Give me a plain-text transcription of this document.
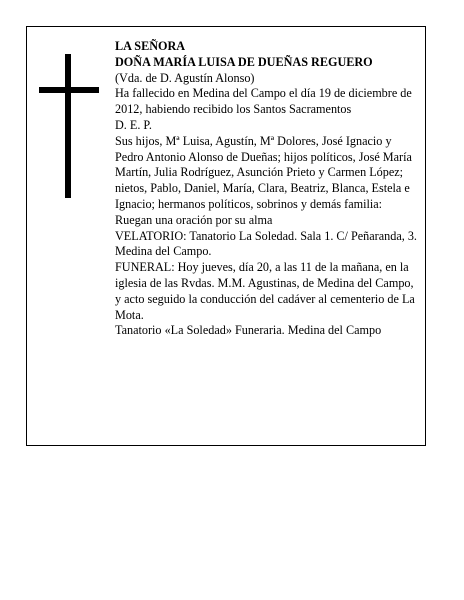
LA SEÑORA

DOÑA MARÍA LUISA DE DUEÑAS REGUERO

(Vda. de D. Agustín Alonso)

Ha fallecido en Medina del Campo el día 19 de diciembre de 2012, habiendo recibido los Santos Sacramentos

D. E. P.

Sus hijos, Mª Luisa, Agustín, Mª Dolores, José Ignacio y Pedro Antonio Alonso de Dueñas; hijos políticos, José María Martín, Julia Rodríguez, Asunción Prieto y Carmen López; nietos, Pablo, Daniel, María, Clara, Beatriz, Blanca, Estela e Ignacio; hermanos políticos, sobrinos y demás familia:

Ruegan una oración por su alma

VELATORIO: Tanatorio La Soledad. Sala 1. C/ Peñaranda, 3. Medina del Campo.

FUNERAL: Hoy jueves, día 20, a las 11 de la mañana, en la iglesia de las Rvdas. M.M. Agustinas, de Medina del Campo, y acto seguido la conducción del cadáver al cementerio de La Mota.

Tanatorio «La Soledad» Funeraria. Medina del Campo
